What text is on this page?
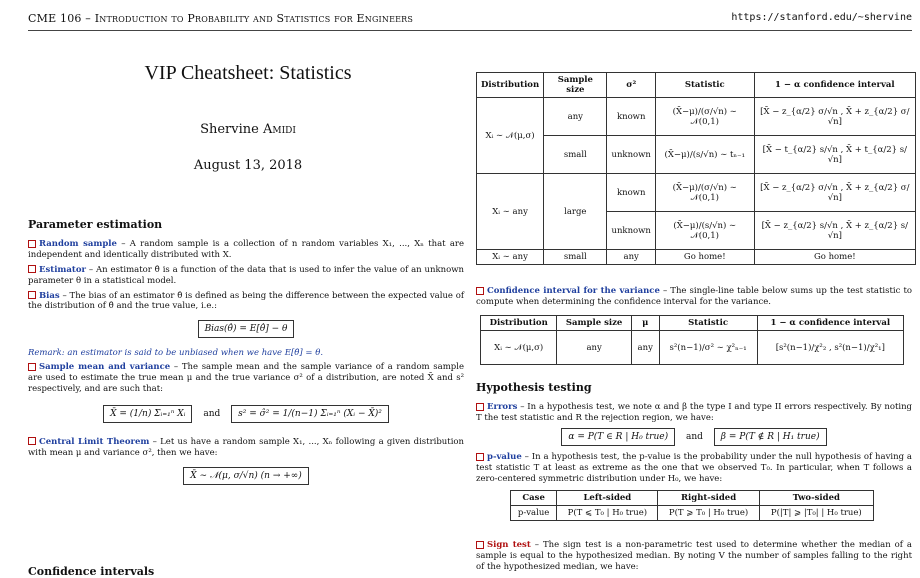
CME 106 – Introduction to Probability and Statistics for Engineers	https://stanford.edu/~shervine
VIP Cheatsheet: Statistics
Shervine Amidi
August 13, 2018
Parameter estimation
Random sample – A random sample is a collection of n random variables X₁, ..., Xₙ that are independent and identically distributed with X.
Estimator – An estimator θ̂ is a function of the data that is used to infer the value of an unknown parameter θ in a statistical model.
Bias – The bias of an estimator θ̂ is defined as being the difference between the expected value of the distribution of θ̂ and the true value, i.e.:
Bias(θ̂) = E[θ̂] − θ
Remark: an estimator is said to be unbiased when we have E[θ̂] = θ.
Sample mean and variance – The sample mean and the sample variance of a random sample are used to estimate the true mean μ and the true variance σ² of a distribution, are noted X̄ and s² respectively, and are such that:
X̄ = (1/n) Σᵢ₌₁ⁿ Xᵢ and s² = σ̂² = 1/(n−1) Σᵢ₌₁ⁿ (Xᵢ − X̄)²
Central Limit Theorem – Let us have a random sample X₁, ..., Xₙ following a given distribution with mean μ and variance σ², then we have:
X̄ ∼ 𝒩(μ, σ/√n) (n → +∞)
Confidence intervals
Distribution	Sample size	σ²	Statistic	1 − α confidence interval
Xᵢ ∼ 𝒩(μ,σ)	any	known	(X̄−μ)/(σ/√n) ∼ 𝒩(0,1)	[X̄ − z_{α/2} σ/√n , X̄ + z_{α/2} σ/√n]
	small	unknown	(X̄−μ)/(s/√n) ∼ tₙ₋₁	[X̄ − t_{α/2} s/√n , X̄ + t_{α/2} s/√n]
Xᵢ ∼ any	large	known	(X̄−μ)/(σ/√n) ∼ 𝒩(0,1)	[X̄ − z_{α/2} σ/√n , X̄ + z_{α/2} σ/√n]
		unknown	(X̄−μ)/(s/√n) ∼ 𝒩(0,1)	[X̄ − z_{α/2} s/√n , X̄ + z_{α/2} s/√n]
Xᵢ ∼ any	small	any	Go home!	Go home!
Confidence interval for the variance – The single-line table below sums up the test statistic to compute when determining the confidence interval for the variance.
Distribution	Sample size	μ	Statistic	1 − α confidence interval
Xᵢ ∼ 𝒩(μ,σ)	any	any	s²(n−1)/σ² ∼ χ²ₙ₋₁	[s²(n−1)/χ²₂ , s²(n−1)/χ²₁]
Hypothesis testing
Errors – In a hypothesis test, we note α and β the type I and type II errors respectively. By noting T the test statistic and R the rejection region, we have:
α = P(T ∈ R | H₀ true) and β = P(T ∉ R | H₁ true)
p-value – In a hypothesis test, the p-value is the probability under the null hypothesis of having a test statistic T at least as extreme as the one that we observed T₀. In particular, when T follows a zero-centered symmetric distribution under H₀, we have:
Case	Left-sided	Right-sided	Two-sided
p-value	P(T ⩽ T₀ | H₀ true)	P(T ⩾ T₀ | H₀ true)	P(|T| ⩾ |T₀| | H₀ true)
Sign test – The sign test is a non-parametric test used to determine whether the median of a sample is equal to the hypothesized median. By noting V the number of samples falling to the right of the hypothesized median, we have:
